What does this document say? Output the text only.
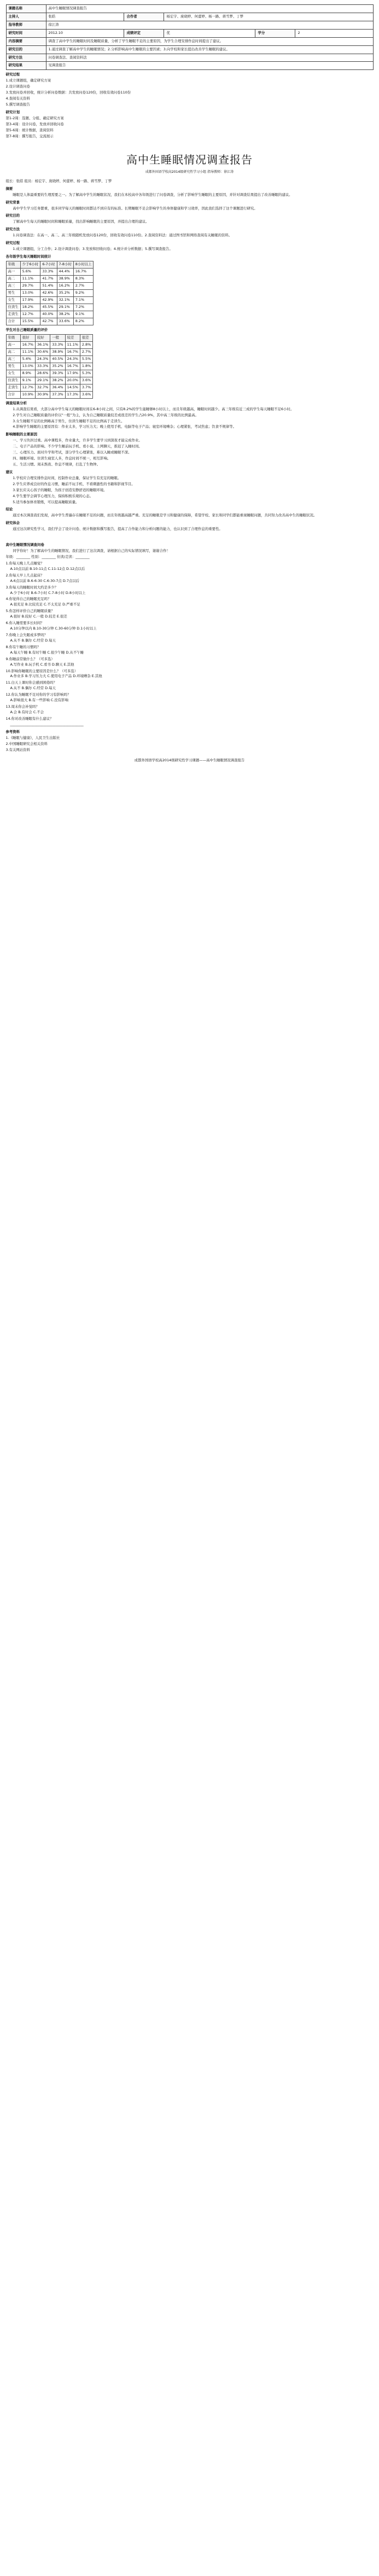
课题名称	高中生睡眠情况调查报告				
主持人	张皓	合作者	杨宏宇、庞晓婷、何蕾婷、杨一路、蒋雪梦、丁梦		
指导教师	徐江涛				
研究时间	2012.10	成绩评定	优	学分	2
内容摘要	调查了高中学生的睡眠时间及睡眠质量，分析了学生睡眠不足的主要原因，为学生合理安排作息时间提出了建议。				
研究目的	1.通过调查了解高中学生的睡眠情况；2.分析影响高中生睡眠的主要因素；3.向学校和家长提出改善学生睡眠的建议。				
研究方法	问卷调查法、查阅资料法				
研究结果	见调查报告				
研究过程
1.成立课题组，确定研究方案
2.设计调查问卷
3.发放问卷并回收，统计分析问卷数据：共发放问卷120份，回收有效问卷110份
4.查阅有关资料
5.撰写调查报告
研究计划
第1-2周：选题、分组、确定研究方案
第3-4周：设计问卷，发放并回收问卷
第5-6周：统计数据，查阅资料
第7-8周：撰写报告，交流展示
高中生睡眠情况调查报告
成都外国语学校高2014级研究性学习小组 指导教师：徐江涛
组长：张皓 组员：杨宏宇、庞晓婷、何蕾婷、杨一路、蒋雪梦、丁梦
摘要
睡眠是人体最重要的生理需要之一。为了解高中学生的睡眠状况，我们在本校高中各年级进行了问卷调查，分析了影响学生睡眠的主要原因，并针对调查结果提出了改善睡眠的建议。
研究背景
高中学生学习任务繁重，很多同学每天的睡眠时间都达不到应有的标准。长期睡眠不足会影响学生的身体健康和学习效率，因此我们选择了这个课题进行研究。
研究目的
了解高中生每天的睡眠时间和睡眠质量，找出影响睡眠的主要原因，并提出合理的建议。
研究方法
1.问卷调查法：在高一、高二、高三年级随机发放问卷120份，回收有效问卷110份。2.查阅资料法：通过图书馆和网络查阅有关睡眠的资料。
研究过程
1.成立课题组，分工合作；2.设计调查问卷；3.发放和回收问卷；4.统计并分析数据；5.撰写调查报告。
各年级学生每天睡眠时间统计
年级	少于6小时	6-7小时	7-8小时	8小时以上
高一	5.6%	33.3%	44.4%	16.7%
高二	11.1%	41.7%	38.9%	8.3%
高三	29.7%	51.4%	16.2%	2.7%
男生	13.0%	42.6%	35.2%	9.2%
女生	17.9%	42.9%	32.1%	7.1%
住读生	18.2%	45.5%	29.1%	7.2%
走读生	12.7%	40.0%	38.2%	9.1%
合计	15.5%	42.7%	33.6%	8.2%
学生对自己睡眠质量的评价
年级	很好	较好	一般	较差	很差
高一	16.7%	36.1%	33.3%	11.1%	2.8%
高二	11.1%	30.6%	38.9%	16.7%	2.7%
高三	5.4%	24.3%	40.5%	24.3%	5.5%
男生	13.0%	33.3%	35.2%	16.7%	1.8%
女生	8.9%	28.6%	39.3%	17.9%	5.3%
住读生	9.1%	29.1%	38.2%	20.0%	3.6%
走读生	12.7%	32.7%	36.4%	14.5%	3.7%
合计	10.9%	30.9%	37.3%	17.3%	3.6%
调查结果分析
1.从调查结果看，大部分高中学生每天的睡眠时间在6-8小时之间，只有8.2%的学生能睡够8小时以上，而且年级越高，睡眠时间越少。高三年级有近三成的学生每天睡眠不足6小时。
2.学生对自己睡眠质量的评价以“一般”为主，认为自己睡眠质量较差或很差的学生占20.9%，其中高三年级的比例最高。
3.女生睡眠不足的比例略高于男生，住读生睡眠不足的比例高于走读生。
4.影响学生睡眠的主要原因有：作业太多，学习压力大；晚上使用手机、电脑等电子产品；寝室环境嘈杂；心理紧张，考试焦虑；饮食不规律等。
影响睡眠的主要原因
一、学习负担过重。高中课程多，作业量大，许多学生要学习到深夜才能完成作业。
二、电子产品的影响。不少学生睡前玩手机、看小说、上网聊天，推迟了入睡时间。
三、心理压力。面对升学和考试，部分学生心理紧张，难以入睡或睡眠不深。
四、睡眠环境。住读生寝室人多，作息时间不统一，相互影响。
五、生活习惯。周末熬夜、作息不规律，打乱了生物钟。
建议
1.学校应合理安排作息时间，控制作业总量，保证学生有充足的睡眠。
2.学生应养成良好的作息习惯，睡前不玩手机、不看刺激性的书籍和影视节目。
3.家长应关心孩子的睡眠，为孩子创造安静舒适的睡眠环境。
4.学生要学会调节心理压力，保持积极乐观的心态。
5.适当参加体育锻炼，可以提高睡眠质量。
结论
通过本次调查我们发现，高中学生普遍存在睡眠不足的问题，而且年级越高越严重。充足的睡眠是学习和健康的保障，希望学校、家长和同学们都能重视睡眠问题，共同努力改善高中生的睡眠状况。
研究体会
通过这次研究性学习，我们学会了设计问卷、统计数据和撰写报告，提高了合作能力和分析问题的能力，也认识到了合理作息的重要性。
高中生睡眠情况调查问卷
同学你好！为了解高中生的睡眠情况，我们进行了这次调查，请根据自己的实际情况填写，谢谢合作！
年级：________ 性别：________ 住读/走读：________
1.你每天晚上几点睡觉？
A.10点以前 B.10-11点 C.11-12点 D.12点以后
2.你每天早上几点起床？
A.6点以前 B.6-6:30 C.6:30-7点 D.7点以后
3.你每天的睡眠时间大约是多少？
A.少于6小时 B.6-7小时 C.7-8小时 D.8小时以上
4.你觉得自己的睡眠充足吗？
A.很充足 B.比较充足 C.不太充足 D.严重不足
5.你怎样评价自己的睡眠质量？
A.很好 B.较好 C.一般 D.较差 E.很差
6.你入睡需要多长时间？
A.10分钟以内 B.10-30分钟 C.30-60分钟 D.1小时以上
7.你晚上会失眠或多梦吗？
A.从不 B.偶尔 C.经常 D.每天
8.你有午睡的习惯吗？
A.每天午睡 B.有时午睡 C.很少午睡 D.从不午睡
9.你睡前常做什么？（可多选）
A.写作业 B.玩手机 C.看书 D.聊天 E.其他
10.影响你睡眠的主要原因是什么？（可多选）
A.作业多 B.学习压力大 C.使用电子产品 D.环境嘈杂 E.其他
11.白天上课时你会感到困倦吗？
A.从不 B.偶尔 C.经常 D.每天
12.你认为睡眠不足对你的学习有影响吗？
A.影响很大 B.有一些影响 C.没有影响
13.周末你会补觉吗？
A.会 B.有时会 C.不会
14.你对改善睡眠有什么建议？
__________________________________________
参考资料
1.《睡眠与健康》，人民卫生出版社
2.中国睡眠研究会相关资料
3.有关网站资料
成都外国语学校高2014级研究性学习课题——高中生睡眠情况调查报告
